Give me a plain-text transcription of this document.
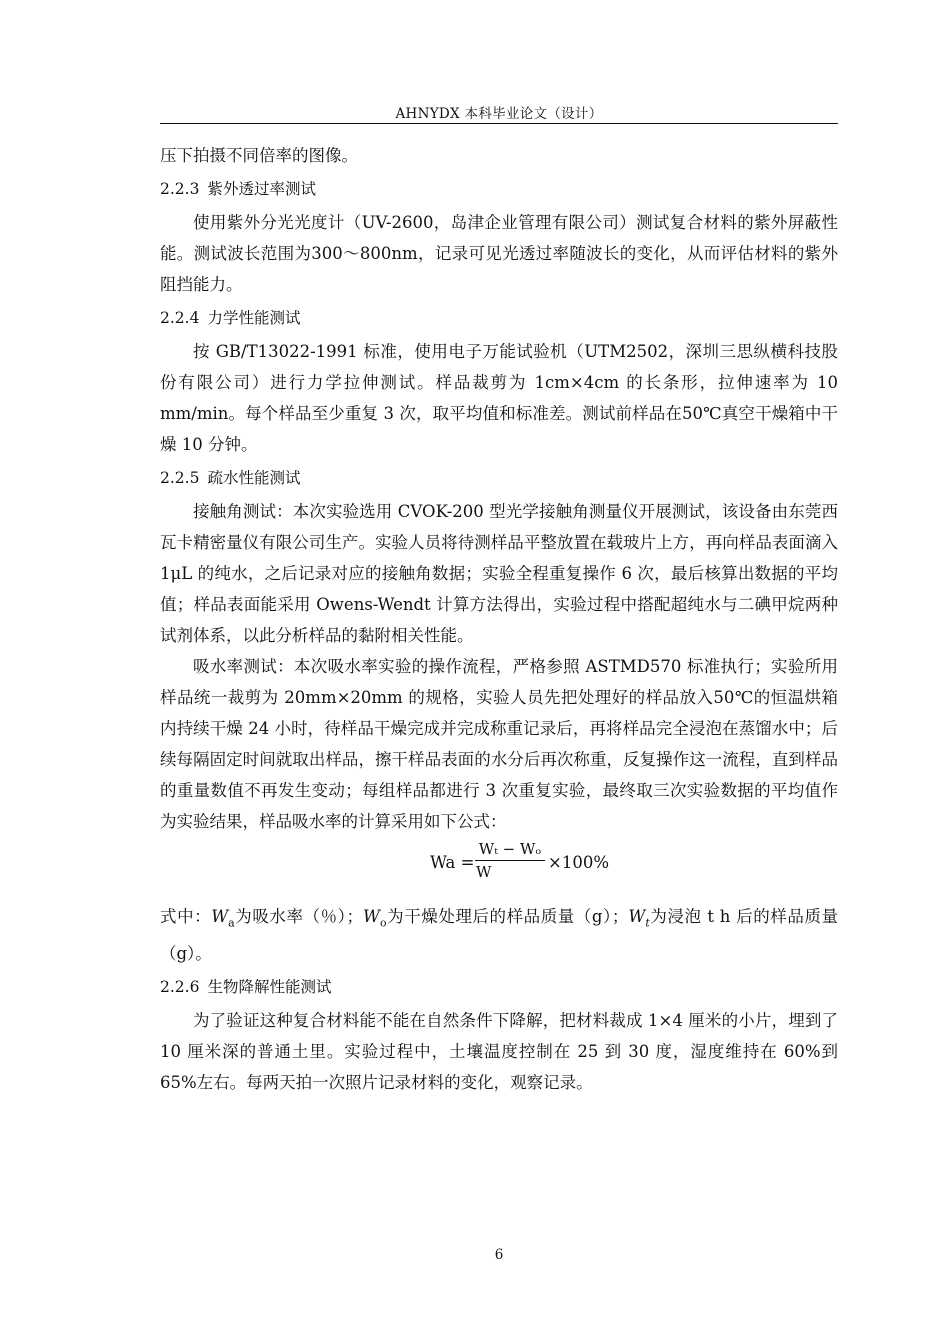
AHNYDX 本科毕业论文（设计）

压下拍摄不同倍率的图像。

2.2.3 紫外透过率测试

使用紫外分光光度计（UV-2600，岛津企业管理有限公司）测试复合材料的紫外屏蔽性能。测试波长范围为300～800nm，记录可见光透过率随波长的变化，从而评估材料的紫外阻挡能力。

2.2.4 力学性能测试

按 GB/T13022-1991 标准，使用电子万能试验机（UTM2502，深圳三思纵横科技股份有限公司）进行力学拉伸测试。样品裁剪为 1cm×4cm 的长条形，拉伸速率为 10 mm/min。每个样品至少重复 3 次，取平均值和标准差。测试前样品在50℃真空干燥箱中干燥 10 分钟。

2.2.5 疏水性能测试

接触角测试：本次实验选用 CVOK-200 型光学接触角测量仪开展测试，该设备由东莞西瓦卡精密量仪有限公司生产。实验人员将待测样品平整放置在载玻片上方，再向样品表面滴入 1μL 的纯水，之后记录对应的接触角数据；实验全程重复操作 6 次，最后核算出数据的平均值；样品表面能采用 Owens-Wendt 计算方法得出，实验过程中搭配超纯水与二碘甲烷两种试剂体系，以此分析样品的黏附相关性能。

吸水率测试：本次吸水率实验的操作流程，严格参照 ASTMD570 标准执行；实验所用样品统一裁剪为 20mm×20mm 的规格，实验人员先把处理好的样品放入50℃的恒温烘箱内持续干燥 24 小时，待样品干燥完成并完成称重记录后，再将样品完全浸泡在蒸馏水中；后续每隔固定时间就取出样品，擦干样品表面的水分后再次称重，反复操作这一流程，直到样品的重量数值不再发生变动；每组样品都进行 3 次重复实验，最终取三次实验数据的平均值作为实验结果，样品吸水率的计算采用如下公式：

Wa =
Wₜ − Wₒ
W	×100%

式中：$W_a$为吸水率（％）；$W_o$为干燥处理后的样品质量（g）；$W_t$为浸泡 t h 后的样品质量（g）。

2.2.6 生物降解性能测试

为了验证这种复合材料能不能在自然条件下降解，把材料裁成 1×4 厘米的小片，埋到了 10 厘米深的普通土里。实验过程中，土壤温度控制在 25 到 30 度，湿度维持在 60%到 65%左右。每两天拍一次照片记录材料的变化，观察记录。

6
